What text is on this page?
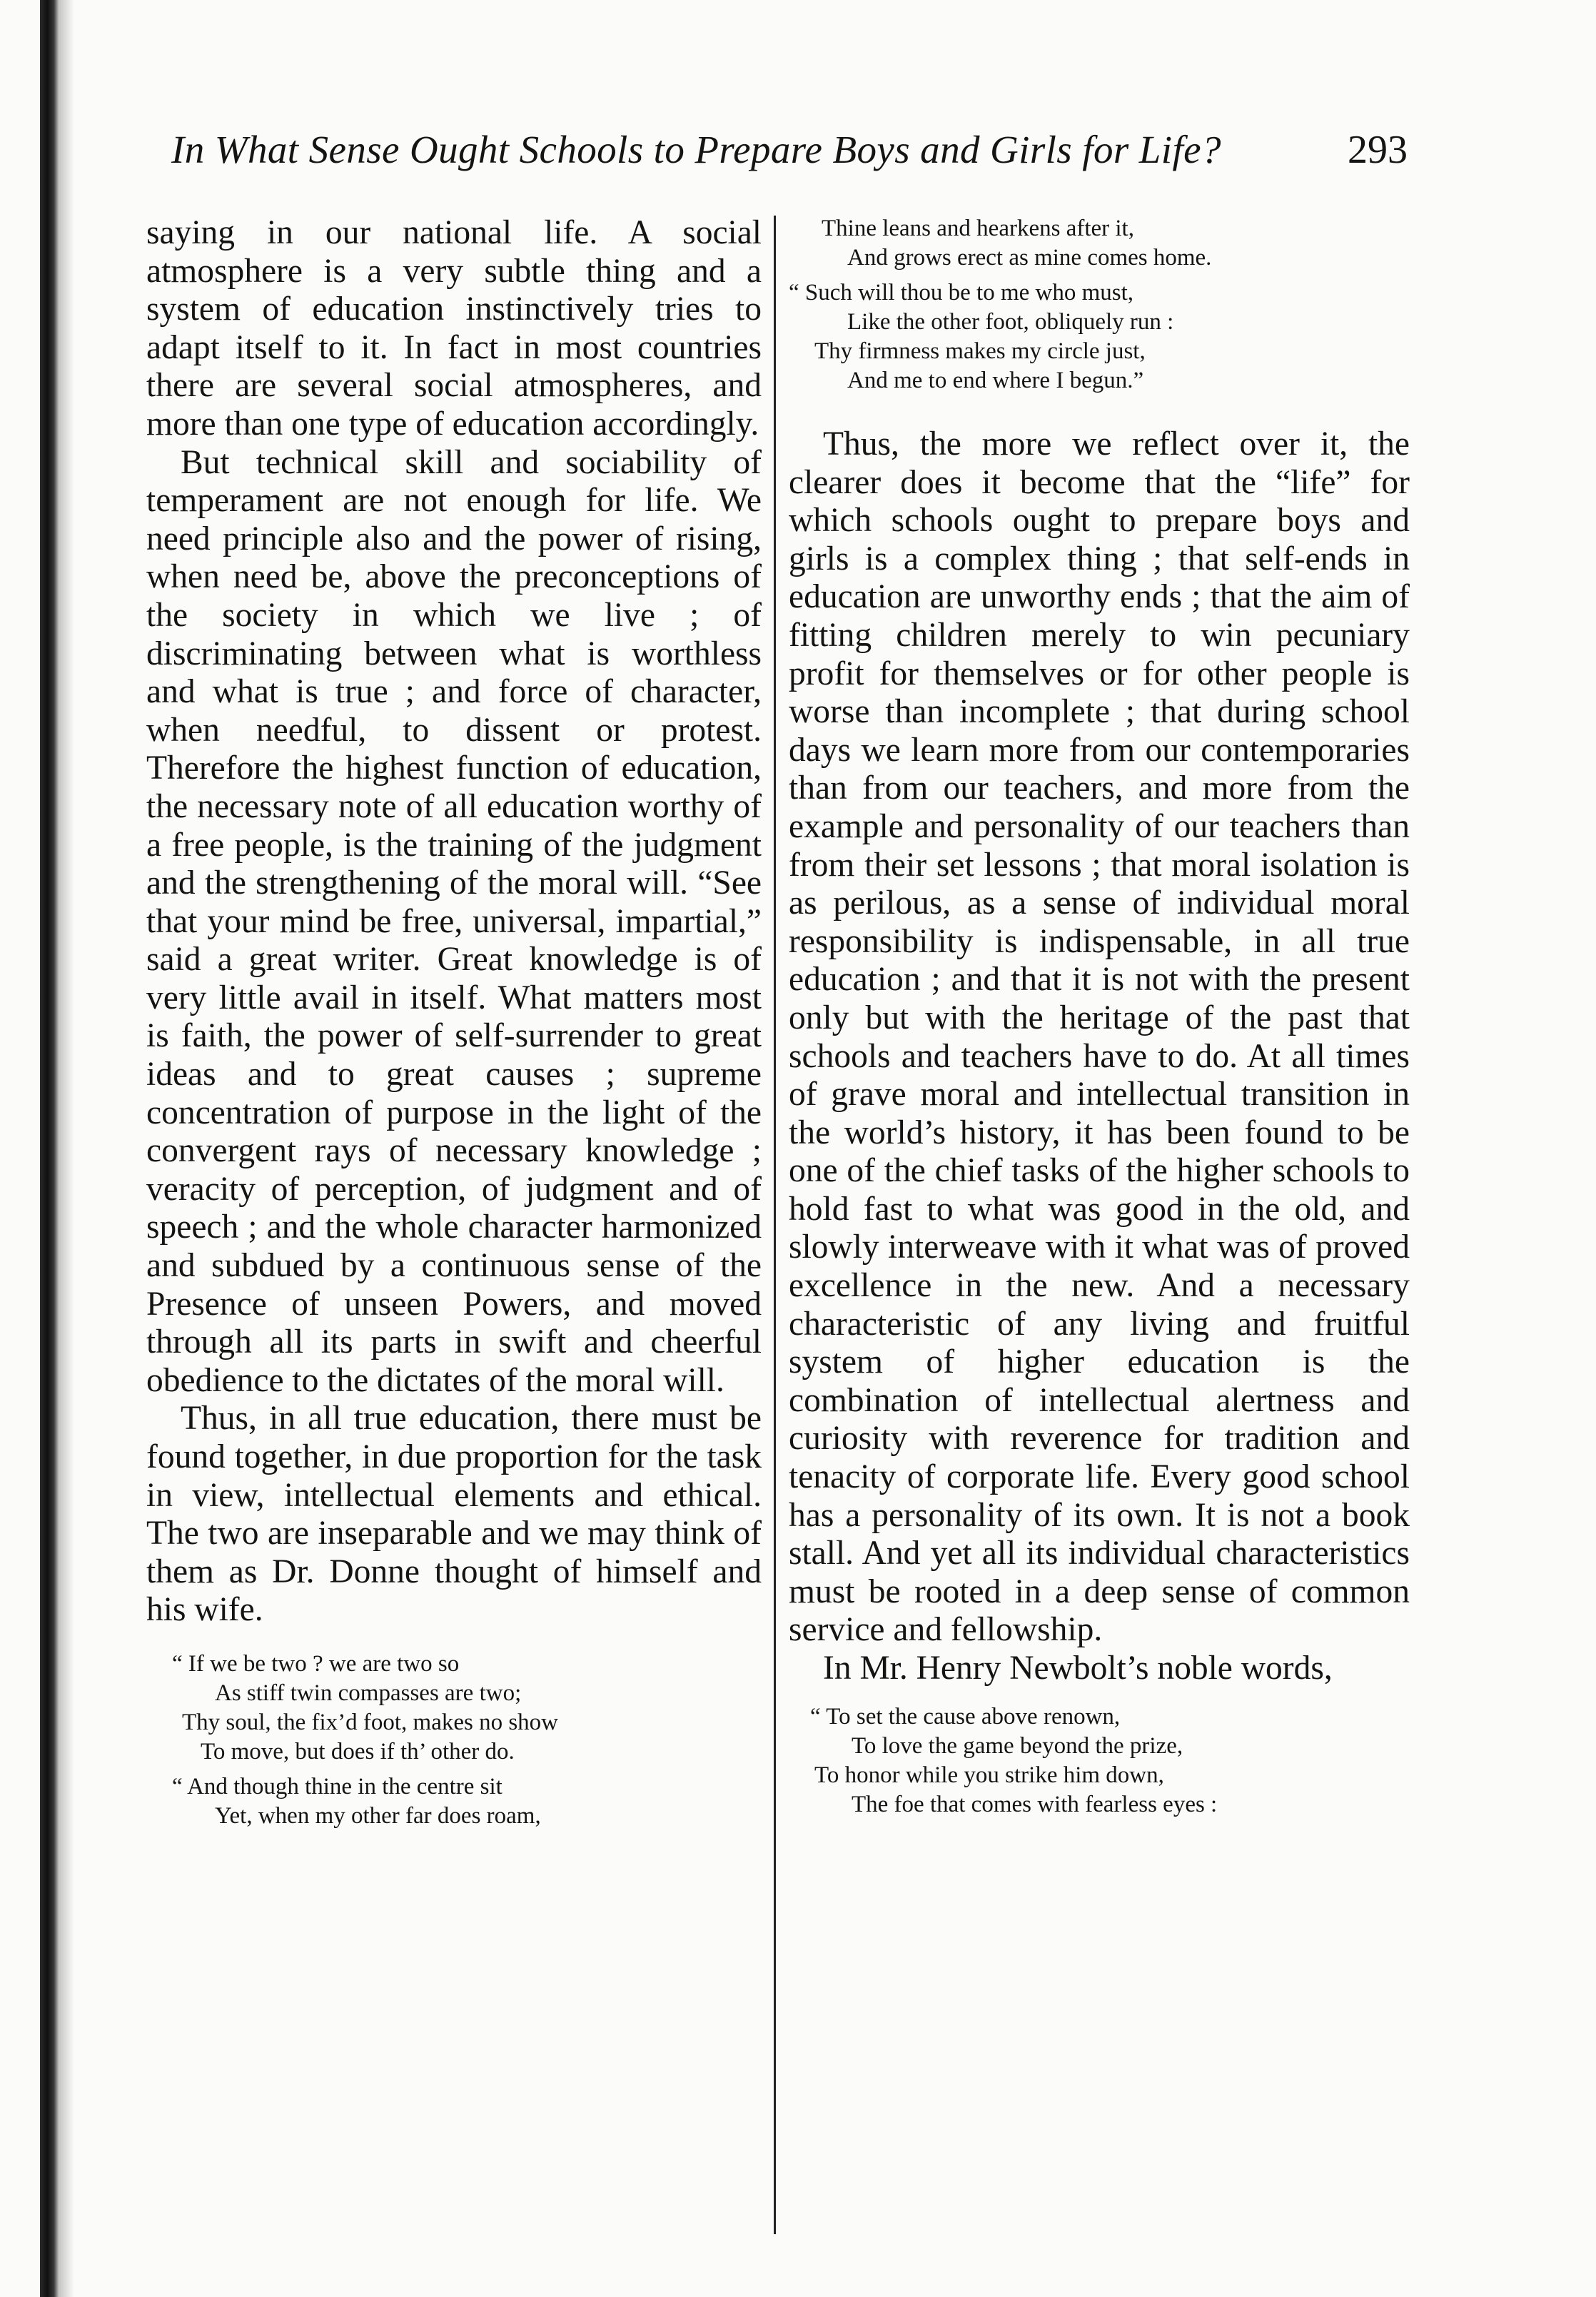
In What Sense Ought Schools to Prepare Boys and Girls for Life?	293

saying in our national life. A social atmosphere is a very subtle thing and a system of education instinctively tries to adapt itself to it. In fact in most countries there are several social atmospheres, and more than one type of education accordingly.

But technical skill and sociability of temperament are not enough for life. We need principle also and the power of rising, when need be, above the preconceptions of the society in which we live ; of discriminating between what is worthless and what is true ; and force of character, when needful, to dissent or protest. Therefore the highest function of education, the necessary note of all education worthy of a free people, is the training of the judgment and the strengthening of the moral will. “See that your mind be free, universal, impartial,” said a great writer. Great knowledge is of very little avail in itself. What matters most is faith, the power of self-surrender to great ideas and to great causes ; supreme concentration of purpose in the light of the convergent rays of necessary knowledge ; veracity of perception, of judgment and of speech ; and the whole character harmonized and subdued by a continuous sense of the Presence of unseen Powers, and moved through all its parts in swift and cheerful obedience to the dictates of the moral will.

Thus, in all true education, there must be found together, in due proportion for the task in view, intellectual elements and ethical. The two are inseparable and we may think of them as Dr. Donne thought of himself and his wife.

“ If we be two ? we are two so
As stiff twin compasses are two;
Thy soul, the fix’d foot, makes no show
To move, but does if th’ other do.
“ And though thine in the centre sit
Yet, when my other far does roam,
Thine leans and hearkens after it,
And grows erect as mine comes home.
“ Such will thou be to me who must,
Like the other foot, obliquely run :
Thy firmness makes my circle just,
And me to end where I begun.”

Thus, the more we reflect over it, the clearer does it become that the “life” for which schools ought to prepare boys and girls is a complex thing ; that self-ends in education are unworthy ends ; that the aim of fitting children merely to win pecuniary profit for themselves or for other people is worse than incomplete ; that during school days we learn more from our contemporaries than from our teachers, and more from the example and personality of our teachers than from their set lessons ; that moral isolation is as perilous, as a sense of individual moral responsibility is indispensable, in all true education ; and that it is not with the present only but with the heritage of the past that schools and teachers have to do. At all times of grave moral and intellectual transition in the world’s history, it has been found to be one of the chief tasks of the higher schools to hold fast to what was good in the old, and slowly interweave with it what was of proved excellence in the new. And a necessary characteristic of any living and fruitful system of higher education is the combination of intellectual alertness and curiosity with reverence for tradition and tenacity of corporate life. Every good school has a personality of its own. It is not a book stall. And yet all its individual characteristics must be rooted in a deep sense of common service and fellowship.

In Mr. Henry Newbolt’s noble words,

“ To set the cause above renown,
To love the game beyond the prize,
To honor while you strike him down,
The foe that comes with fearless eyes :
